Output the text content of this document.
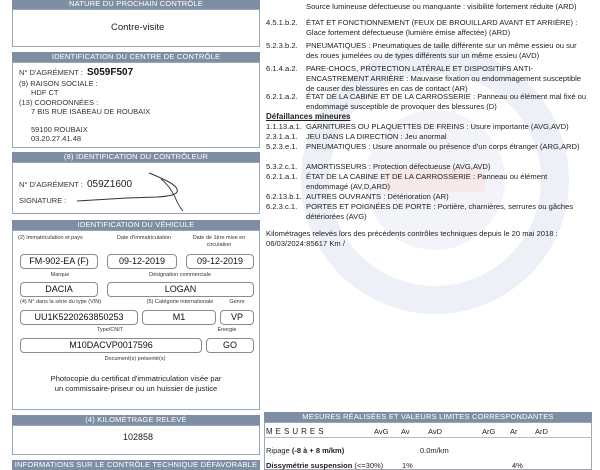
NATURE DU PROCHAIN CONTRÔLE
Contre-visite
IDENTIFICATION DU CENTRE DE CONTRÔLE
N° D'AGRÉMENT : S059F507
(9) RAISON SOCIALE :
HDF CT
(13) COORDONNÉES :
7 BIS RUE ISABEAU DE ROUBAIX
59100 ROUBAIX
03.20.27.41.48
(8) IDENTIFICATION DU CONTRÔLEUR
N° D'AGRÉMENT : 059Z1600
SIGNATURE :
IDENTIFICATION DU VÉHICULE
(2) Immatriculation et pays	Date d'immatriculation	Date de 1ère mise en circulation
FM-902-EA (F)	09-12-2019	09-12-2019
Marque	Désignation commerciale
DACIA	LOGAN
(4) N° dans la série du type (VIN)	(5) Catégorie internationale	Genre
UU1K5220263850253	M1	VP
Type/CNIT	Énergie
M10DACVP0017596	GO
Document(s) présenté(s)
Photocopie du certificat d'immatriculation visée par un commissaire-priseur ou un huissier de justice
(4) KILOMÉTRAGE RELEVÉ
102858
INFORMATIONS SUR LE CONTRÔLE TECHNIQUE DÉFAVORABLE
Source lumineuse défectueuse ou manquante : visibilité fortement réduite (ARD)
4.5.1.b.2. ÉTAT ET FONCTIONNEMENT (FEUX DE BROUILLARD AVANT ET ARRIÈRE) : Glace fortement défectueuse (lumière émise affectée) (ARD)
5.2.3.b.2. PNEUMATIQUES : Pneumatiques de taille différente sur un même essieu ou sur des roues jumelées ou de types différents sur un même essieu (AVD)
6.1.4.a.2. PARE-CHOCS, PROTECTION LATÉRALE ET DISPOSITIFS ANTI-ENCASTREMENT ARRIÈRE : Mauvaise fixation ou endommagement susceptible de causer des blessures en cas de contact (AR)
6.2.1.a.2. ÉTAT DE LA CABINE ET DE LA CARROSSERIE : Panneau ou élément mal fixé ou endommagé susceptible de provoquer des blessures (D)
1.1.13.a.1. GARNITURES OU PLAQUETTES DE FREINS : Usure importante (AVG,AVD)
2.3.1.a.1. JEU DANS LA DIRECTION : Jeu anormal
5.2.3.e.1. PNEUMATIQUES : Usure anormale ou présence d'un corps étranger (ARG,ARD)
5.3.2.c.1. AMORTISSEURS : Protection défectueuse (AVG,AVD)
6.2.1.a.1. ÉTAT DE LA CABINE ET DE LA CARROSSERIE : Panneau ou élément endommagé (AV,D,ARD)
6.2.13.b.1. AUTRES OUVRANTS : Détérioration (AR)
6.2.3.c.1. PORTES ET POIGNÉES DE PORTE : Portière, charnières, serrures ou gâches détériorées (AVG)
Défaillances mineures
Kilométrages relevés lors des précédents contrôles techniques depuis le 20 mai 2018 : 06/03/2024:85617 Km /
MESURES RÉALISÉES ET VALEURS LIMITES CORRESPONDANTES
MESURES	AvG Av AvD	ArG Ar ArD
Ripage (-8 à + 8 m/km)	0.0m/km
Dissymétrie suspension (<=30%)	1%	4%
